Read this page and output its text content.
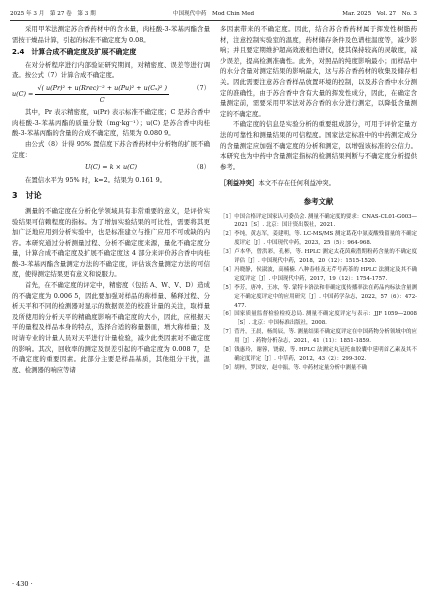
2025 年 3 月　第 27 卷　第 3 期	中国现代中药　Mod Chin Med	Mar. 2025　Vol. 27　No. 3

采用甲苯法测定苏合香药材中的含水量，肉桂酸-3-苯基丙酯含量需按干燥品计算，引起的标准不确定度为 0.08。

2.4　计算合成不确定度及扩展不确定度

在对分析程序进行内部验证研究期间，对精密度、误差等进行调查。按公式（7）计算合成不确定度。

$u(C) = \frac{\text{√( u(Pr)² + u(Rrec)⁻² + u(Pu)² + u(Cₓ)² )}}{C}$	（7）

其中，Pr 表示精密度，u(Pr) 表示标准不确定度；C 是苏合香中肉桂酸-3-苯基丙酯的质量分数（mg·kg⁻¹）；u(C) 是苏合香中肉桂酸-3-苯基丙酯的含量的合成不确定度，结果为 0.080 9。

由公式（8）计得 95% 置信度下苏合香药材中分析物的扩展不确定度：

U(C) = k × u(C)	（8）

在置信水平为 95% 时，k=2。结果为 0.161 9。

3　讨论

测量的不确定度在分析化学领域具有非常重要的意义，是评价实验结果可信赖程度的指标。为了增加实验结果的可比性，需要将其更加广泛地应用到分析实验中，也是标准建立与推广应用不可或缺的内容。本研究通过分析测量过程、分析不确定度来源，量化不确定度分量，计算合成不确定度及扩展不确定度这 4 部分来评价苏合香中肉桂酸-3-苯基丙酯含量测定方法的不确定度，评估该含量测定方法的可信度，使得测定结果更有意义和说服力。

首先，在不确定度的评定中，精密度（包括 A、W、V、D）造成的不确定度为 0.006 5，因此要加强对样品的称样量、稀释过程、分析天平和不同的检测器对显示的数据误差的校准计量的关注，取样量及所使用的分析天平的精确度影响不确定度的大小，因此，应根据天平的量程及样品本身的特点，选择合适的称量器皿，增大称样量；及时请专业的计量人员对天平进行计量检验，减少此类因素对不确定度的影响。其次，回收率的测定及误差引起的不确定度为 0.008 7，是不确定度的重要因素。此部分主要是样品基质，其他组分干扰，温度、检测器的响应等诸

多因素带来的不确定度。因此，结合苏合香药材属于挥发性树脂药材，注意控制实验室的温度，药材储存条件及色谱柱温度等，减少影响；并且要定期维护超高效液相色谱仪，使其保持较高的灵敏度，减少误差，提高检测准确性。此外，对照品的纯度影响最小；而样品中的水分含量对测定结果的影响最大，这与苏合香药材的收集及储存相关。因此需要注意苏合香样品放置环境的控制，以及苏合香中水分测定的准确性，由于苏合香中含有大量的挥发性成分，因此，在确定含量测定前，需要采用甲苯法对苏合香的水分进行测定，以降低含量测定的不确定度。

不确定度的信息是实验分析的重要组成部分，可用于评价定量方法的可靠性和测量结果的可信程度。国家法定标准中的中药测定成分的含量测定应加强不确定度的分析和测定，以增强该标准的公信力。本研究也为中药中含量测定指标的检测结果判断与不确定度分析提供参考。

［利益冲突］本文不存在任何利益冲突。

参考文献
［1］ 中国合格评定国家认可委员会. 测量不确定度的要求：CNAS-CL01-G003—2021［S］. 北京：国计资出版社，2021.
［2］ 李纯，黄志军，姜建明，等. LC-MS/MS 测定葛花中氨麦酸残留量的不确定度评定［J］. 中国现代中药，2023，25（5）：964-968.
［3］ 卢本华，曾洪彩，孔彬，等. HPLC 测定太花茵蕨潜期粉药含量的不确定度评估［J］. 中国现代中药，2018，20（12）：1515-1520.
［4］ 冯晓静，侯淑波，高楠楠. 八种春桂及无芹号药茶的 HPLC 法测定及其不确定度评定［J］. 中国现代中药，2017，19（12）：1754-1757.
［5］ 李芳，唐冲，王冰，等. 蒙特卡洛法和非确定度传播率法在药品内标法含量测定不确定度评定中的应用研究［J］. 中国药学杂志，2022，57（6）：472-477.
［6］ 国家质量监督检验检疫总局. 测量不确定度评定与表示：JJF 1059—2008［S］. 北京：中国标准出版社，2008.
［7］ 菅丹，王晨，杨尚辰，等. 测量结果不确定度评定在中国药物分析领域中的应用［J］. 药物分析杂志，2021，41（11）：1851-1859.
［8］ 钱惠玲，谢蓉，饶毅，等. HPLC 法测定丸冠托血胶囊中延明首乙素及其不确定度评定［J］. 中草药，2012，43（2）：299-302.
［9］ 胡梓，罗国安，赵中振，等. 中药材定量分析中测量不确
· 430 ·
